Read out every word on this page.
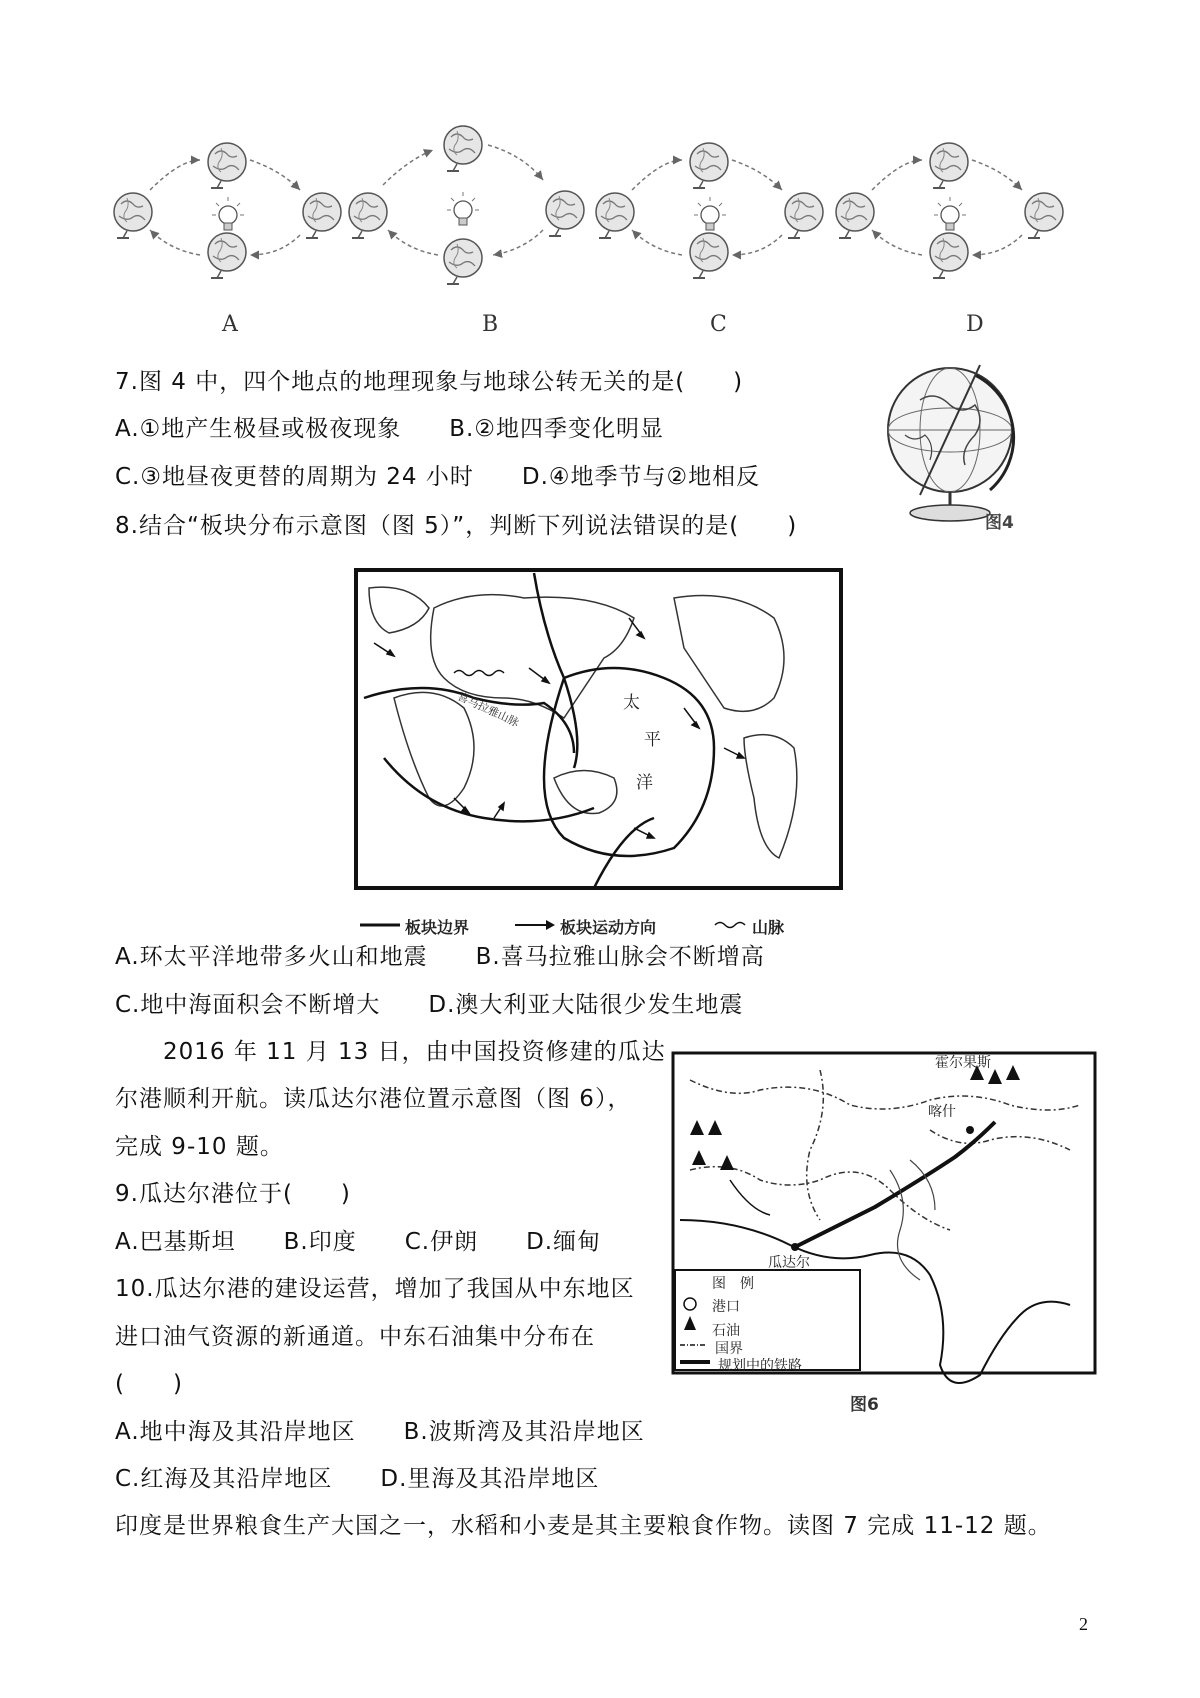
A	B	C	D
7.图 4 中，四个地点的地理现象与地球公转无关的是(　　)
A.①地产生极昼或极夜现象　　B.②地四季变化明显
C.③地昼夜更替的周期为 24 小时　　D.④地季节与②地相反
图4
8.结合“板块分布示意图（图 5）”，判断下列说法错误的是(　　)
太
平
洋
喜马拉雅山脉
板块边界	板块运动方向	山脉
A.环太平洋地带多火山和地震　　B.喜马拉雅山脉会不断增高
C.地中海面积会不断增大　　D.澳大利亚大陆很少发生地震
　　2016 年 11 月 13 日，由中国投资修建的瓜达
尔港顺利开航。读瓜达尔港位置示意图（图 6），
完成 9-10 题。
9.瓜达尔港位于(　　)
A.巴基斯坦　　B.印度　　C.伊朗　　D.缅甸
10.瓜达尔港的建设运营，增加了我国从中东地区
进口油气资源的新通道。中东石油集中分布在
(　　)
A.地中海及其沿岸地区　　B.波斯湾及其沿岸地区
C.红海及其沿岸地区　　D.里海及其沿岸地区
印度是世界粮食生产大国之一，水稻和小麦是其主要粮食作物。读图 7 完成 11-12 题。
霍尔果斯
喀什
瓜达尔
图　例
港口
石油
国界
规划中的铁路
图6
2
